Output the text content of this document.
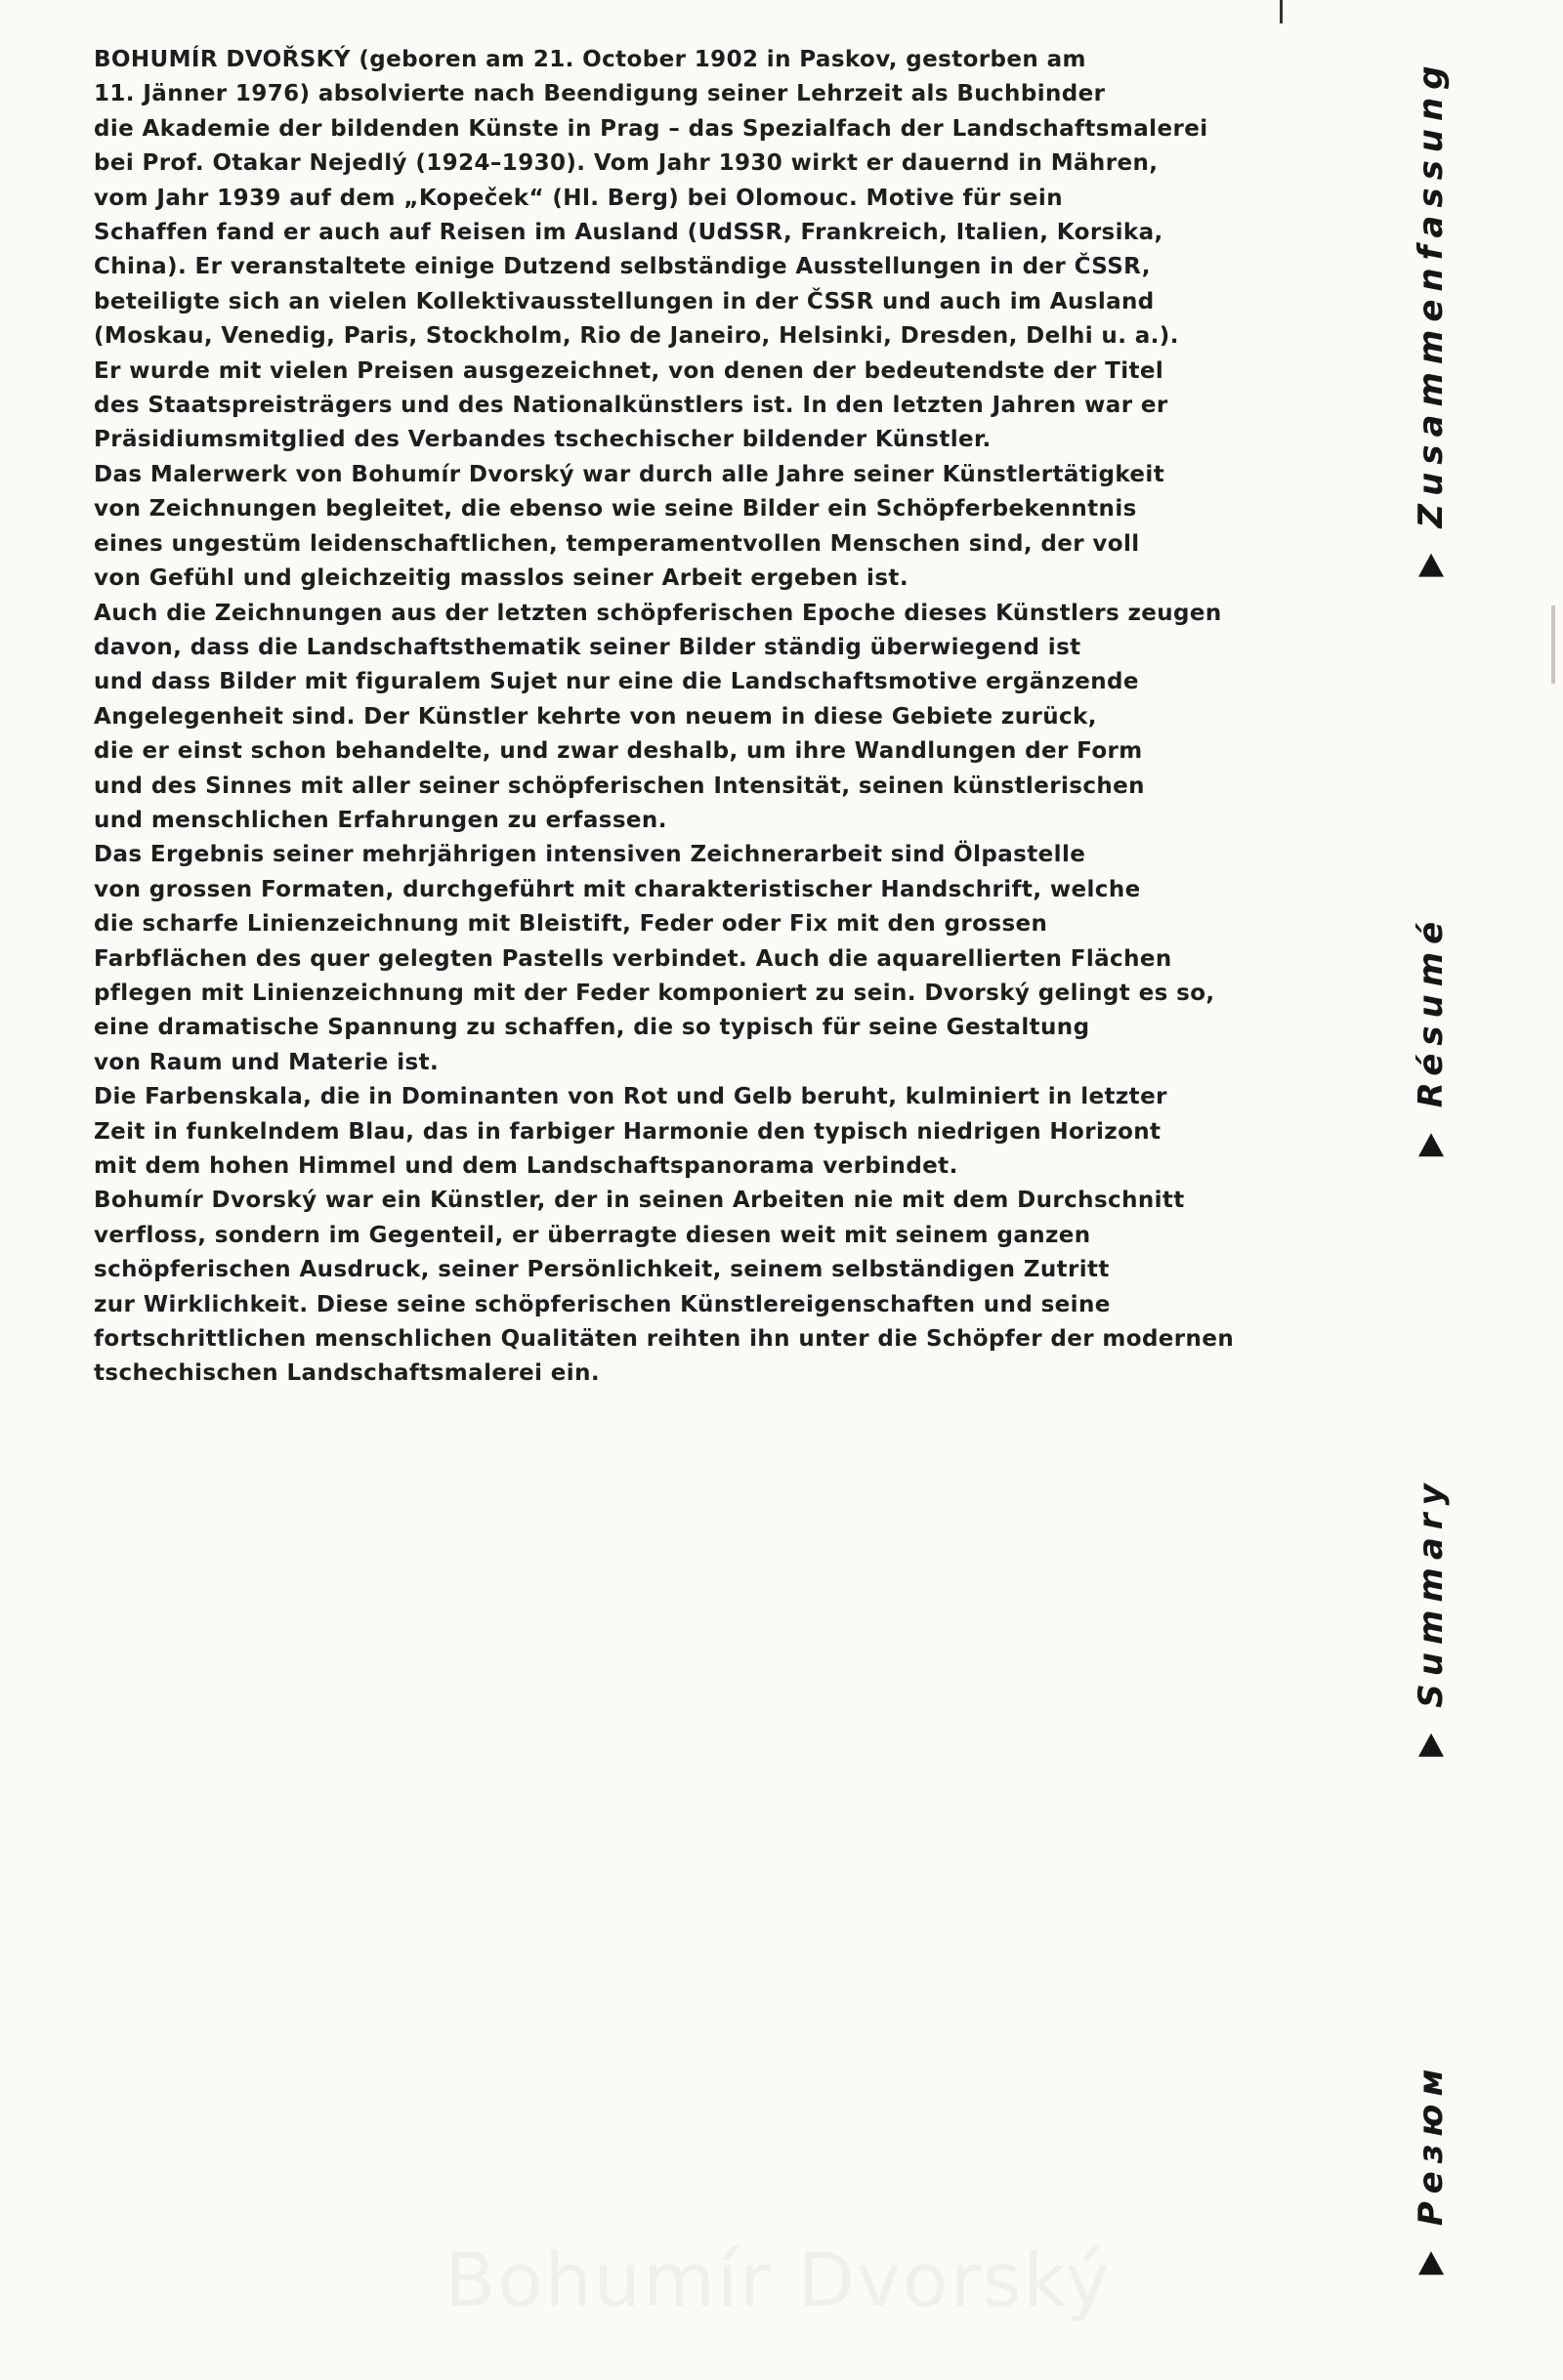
BOHUMÍR DVOŘSKÝ (geboren am 21. October 1902 in Paskov, gestorben am
11. Jänner 1976) absolvierte nach Beendigung seiner Lehrzeit als Buchbinder
die Akademie der bildenden Künste in Prag – das Spezialfach der Landschaftsmalerei
bei Prof. Otakar Nejedlý (1924–1930). Vom Jahr 1930 wirkt er dauernd in Mähren,
vom Jahr 1939 auf dem „Kopeček“ (Hl. Berg) bei Olomouc. Motive für sein
Schaffen fand er auch auf Reisen im Ausland (UdSSR, Frankreich, Italien, Korsika,
China). Er veranstaltete einige Dutzend selbständige Ausstellungen in der ČSSR,
beteiligte sich an vielen Kollektivausstellungen in der ČSSR und auch im Ausland
(Moskau, Venedig, Paris, Stockholm, Rio de Janeiro, Helsinki, Dresden, Delhi u. a.).
Er wurde mit vielen Preisen ausgezeichnet, von denen der bedeutendste der Titel
des Staatspreisträgers und des Nationalkünstlers ist. In den letzten Jahren war er
Präsidiumsmitglied des Verbandes tschechischer bildender Künstler.

Das Malerwerk von Bohumír Dvorský war durch alle Jahre seiner Künstlertätigkeit
von Zeichnungen begleitet, die ebenso wie seine Bilder ein Schöpferbekenntnis
eines ungestüm leidenschaftlichen, temperamentvollen Menschen sind, der voll
von Gefühl und gleichzeitig masslos seiner Arbeit ergeben ist.

Auch die Zeichnungen aus der letzten schöpferischen Epoche dieses Künstlers zeugen
davon, dass die Landschaftsthematik seiner Bilder ständig überwiegend ist
und dass Bilder mit figuralem Sujet nur eine die Landschaftsmotive ergänzende
Angelegenheit sind. Der Künstler kehrte von neuem in diese Gebiete zurück,
die er einst schon behandelte, und zwar deshalb, um ihre Wandlungen der Form
und des Sinnes mit aller seiner schöpferischen Intensität, seinen künstlerischen
und menschlichen Erfahrungen zu erfassen.

Das Ergebnis seiner mehrjährigen intensiven Zeichnerarbeit sind Ölpastelle
von grossen Formaten, durchgeführt mit charakteristischer Handschrift, welche
die scharfe Linienzeichnung mit Bleistift, Feder oder Fix mit den grossen
Farbflächen des quer gelegten Pastells verbindet. Auch die aquarellierten Flächen
pflegen mit Linienzeichnung mit der Feder komponiert zu sein. Dvorský gelingt es so,
eine dramatische Spannung zu schaffen, die so typisch für seine Gestaltung
von Raum und Materie ist.

Die Farbenskala, die in Dominanten von Rot und Gelb beruht, kulminiert in letzter
Zeit in funkelndem Blau, das in farbiger Harmonie den typisch niedrigen Horizont
mit dem hohen Himmel und dem Landschaftspanorama verbindet.

Bohumír Dvorský war ein Künstler, der in seinen Arbeiten nie mit dem Durchschnitt
verfloss, sondern im Gegenteil, er überragte diesen weit mit seinem ganzen
schöpferischen Ausdruck, seiner Persönlichkeit, seinem selbständigen Zutritt
zur Wirklichkeit. Diese seine schöpferischen Künstlereigenschaften und seine
fortschrittlichen menschlichen Qualitäten reihten ihn unter die Schöpfer der modernen
tschechischen Landschaftsmalerei ein.

Zusammenfassung
Résumé
Summary
Резюм
Bohumír Dvorský
